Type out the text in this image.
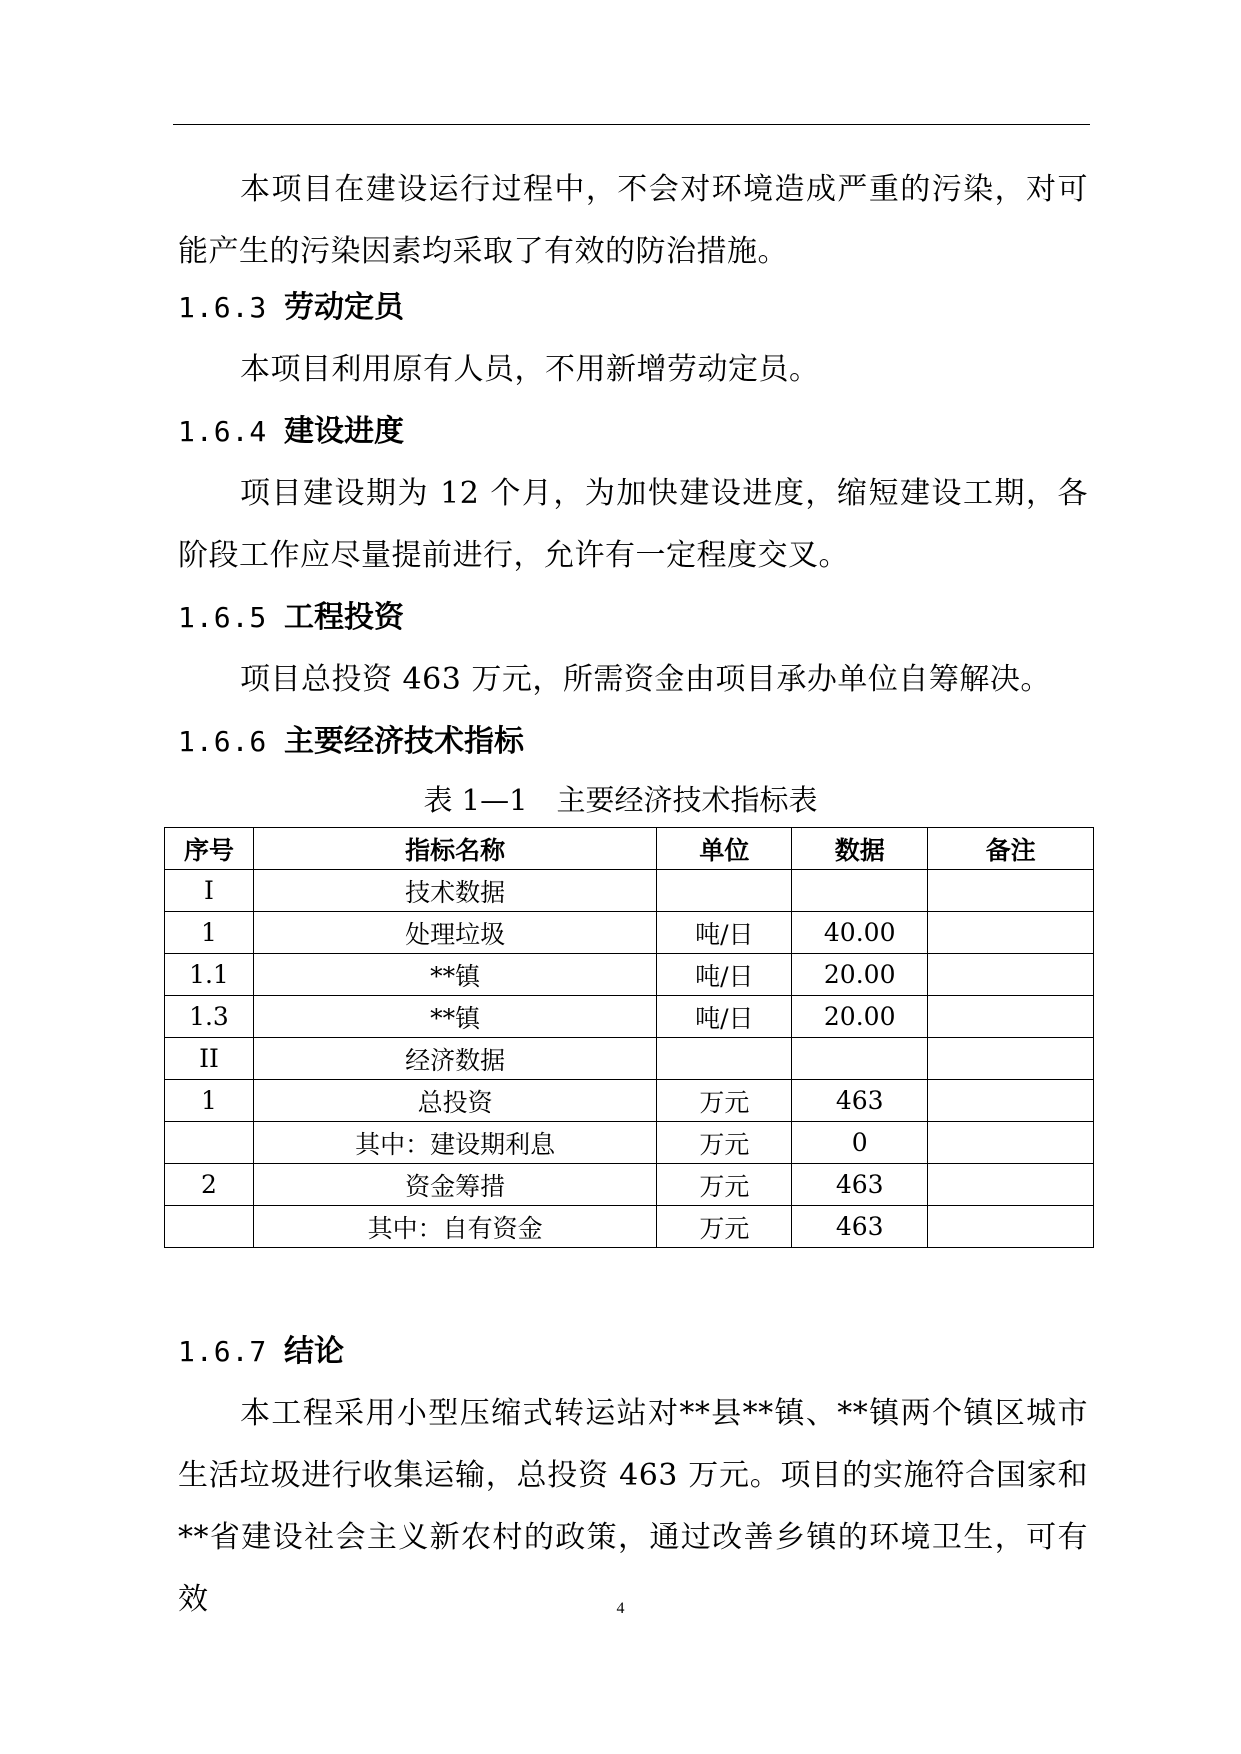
本项目在建设运行过程中，不会对环境造成严重的污染，对可能产生的污染因素均采取了有效的防治措施。

1.6.3 劳动定员

本项目利用原有人员，不用新增劳动定员。

1.6.4 建设进度

项目建设期为 12 个月，为加快建设进度，缩短建设工期，各阶段工作应尽量提前进行，允许有一定程度交叉。

1.6.5 工程投资

项目总投资 463 万元，所需资金由项目承办单位自筹解决。

1.6.6 主要经济技术指标
表 1—1　主要经济技术指标表
序号	指标名称	单位	数据	备注
I	技术数据			
1	处理垃圾	吨/日	40.00	
1.1	**镇	吨/日	20.00	
1.3	**镇	吨/日	20.00	
II	经济数据			
1	总投资	万元	463	
	其中：建设期利息	万元	0	
2	资金筹措	万元	463	
	其中：自有资金	万元	463	
1.6.7 结论

本工程采用小型压缩式转运站对**县**镇、**镇两个镇区城市生活垃圾进行收集运输，总投资 463 万元。项目的实施符合国家和**省建设社会主义新农村的政策，通过改善乡镇的环境卫生，可有效	4
